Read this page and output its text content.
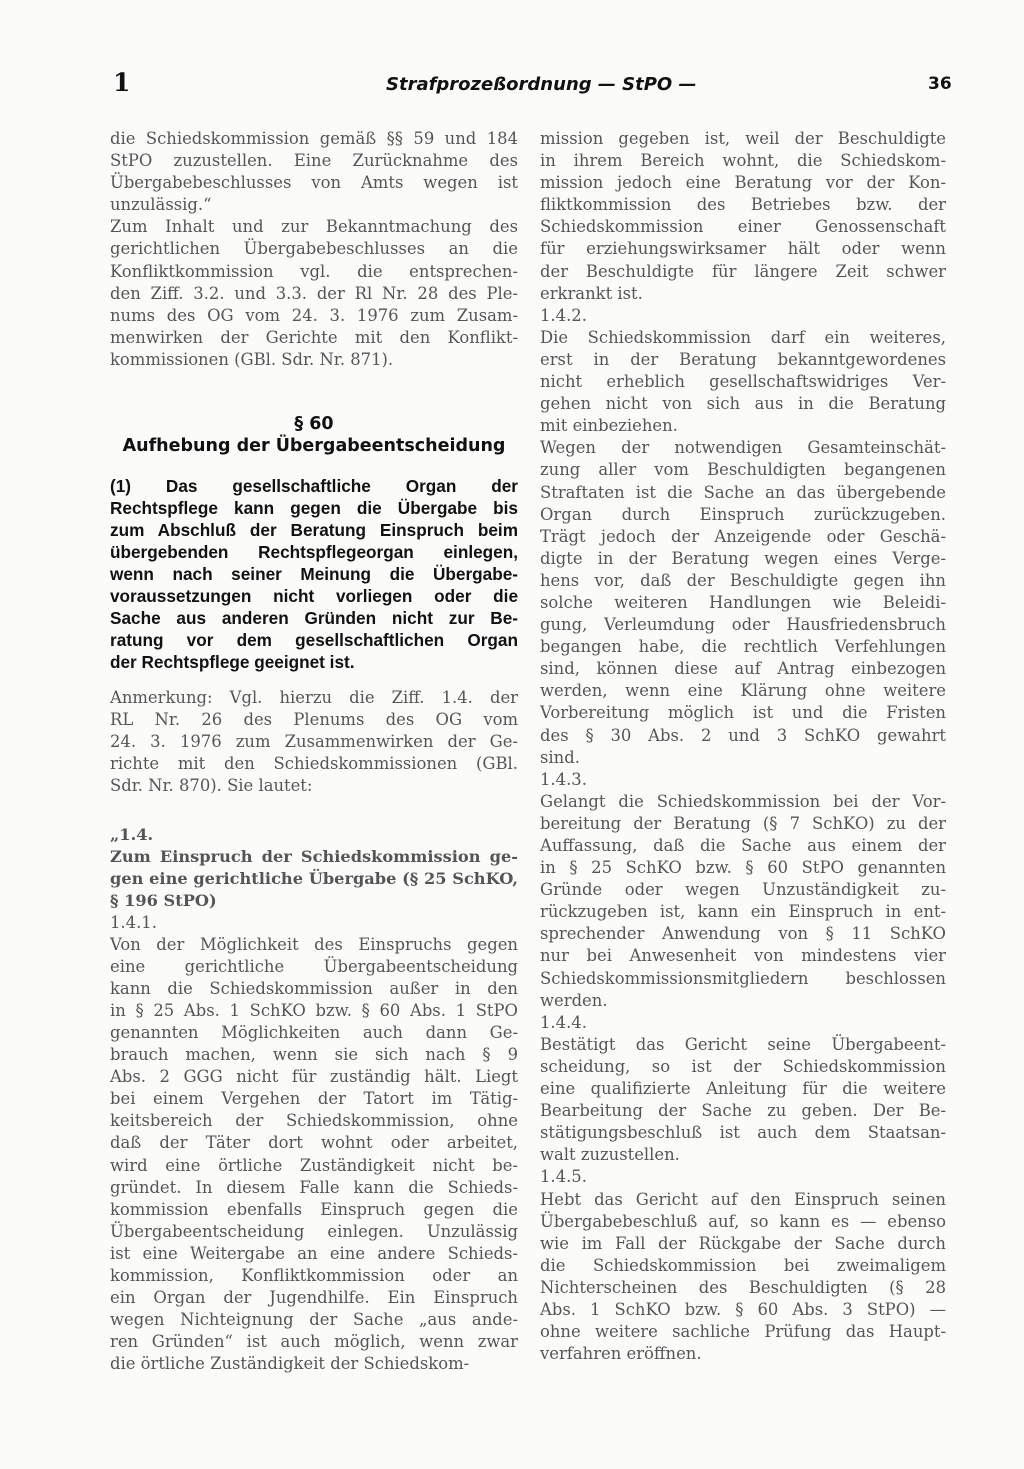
1	Strafprozeßordnung — StPO —	36
die Schiedskommission gemäß §§ 59 und 184
StPO zuzustellen. Eine Zurücknahme des
Übergabebeschlusses von Amts wegen ist
unzulässig.“
Zum Inhalt und zur Bekanntmachung des
gerichtlichen Übergabebeschlusses an die
Konfliktkommission vgl. die entsprechen-
den Ziff. 3.2. und 3.3. der Rl Nr. 28 des Ple-
nums des OG vom 24. 3. 1976 zum Zusam-
menwirken der Gerichte mit den Konflikt-
kommissionen (GBl. Sdr. Nr. 871).

§ 60

Aufhebung der Übergabeentscheidung

(1) Das gesellschaftliche Organ der
Rechtspflege kann gegen die Übergabe bis
zum Abschluß der Beratung Einspruch beim
übergebenden Rechtspflegeorgan einlegen,
wenn nach seiner Meinung die Übergabe-
voraussetzungen nicht vorliegen oder die
Sache aus anderen Gründen nicht zur Be-
ratung vor dem gesellschaftlichen Organ
der Rechtspflege geeignet ist.
Anmerkung: Vgl. hierzu die Ziff. 1.4. der
RL Nr. 26 des Plenums des OG vom
24. 3. 1976 zum Zusammenwirken der Ge-
richte mit den Schiedskommissionen (GBl.
Sdr. Nr. 870). Sie lautet:
„1.4.
Zum Einspruch der Schiedskommission ge-
gen eine gerichtliche Übergabe (§ 25 SchKO,
§ 196 StPO)
1.4.1.
Von der Möglichkeit des Einspruchs gegen
eine gerichtliche Übergabeentscheidung
kann die Schiedskommission außer in den
in § 25 Abs. 1 SchKO bzw. § 60 Abs. 1 StPO
genannten Möglichkeiten auch dann Ge-
brauch machen, wenn sie sich nach § 9
Abs. 2 GGG nicht für zuständig hält. Liegt
bei einem Vergehen der Tatort im Tätig-
keitsbereich der Schiedskommission, ohne
daß der Täter dort wohnt oder arbeitet,
wird eine örtliche Zuständigkeit nicht be-
gründet. In diesem Falle kann die Schieds-
kommission ebenfalls Einspruch gegen die
Übergabeentscheidung einlegen. Unzulässig
ist eine Weitergabe an eine andere Schieds-
kommission, Konfliktkommission oder an
ein Organ der Jugendhilfe. Ein Einspruch
wegen Nichteignung der Sache „aus ande-
ren Gründen“ ist auch möglich, wenn zwar
die örtliche Zuständigkeit der Schiedskom-
mission gegeben ist, weil der Beschuldigte
in ihrem Bereich wohnt, die Schiedskom-
mission jedoch eine Beratung vor der Kon-
fliktkommission des Betriebes bzw. der
Schiedskommission einer Genossenschaft
für erziehungswirksamer hält oder wenn
der Beschuldigte für längere Zeit schwer
erkrankt ist.
1.4.2.
Die Schiedskommission darf ein weiteres,
erst in der Beratung bekanntgewordenes
nicht erheblich gesellschaftswidriges Ver-
gehen nicht von sich aus in die Beratung
mit einbeziehen.
Wegen der notwendigen Gesamteinschät-
zung aller vom Beschuldigten begangenen
Straftaten ist die Sache an das übergebende
Organ durch Einspruch zurückzugeben.
Trägt jedoch der Anzeigende oder Geschä-
digte in der Beratung wegen eines Verge-
hens vor, daß der Beschuldigte gegen ihn
solche weiteren Handlungen wie Beleidi-
gung, Verleumdung oder Hausfriedensbruch
begangen habe, die rechtlich Verfehlungen
sind, können diese auf Antrag einbezogen
werden, wenn eine Klärung ohne weitere
Vorbereitung möglich ist und die Fristen
des § 30 Abs. 2 und 3 SchKO gewahrt
sind.
1.4.3.
Gelangt die Schiedskommission bei der Vor-
bereitung der Beratung (§ 7 SchKO) zu der
Auffassung, daß die Sache aus einem der
in § 25 SchKO bzw. § 60 StPO genannten
Gründe oder wegen Unzuständigkeit zu-
rückzugeben ist, kann ein Einspruch in ent-
sprechender Anwendung von § 11 SchKO
nur bei Anwesenheit von mindestens vier
Schiedskommissionsmitgliedern beschlossen
werden.
1.4.4.
Bestätigt das Gericht seine Übergabeent-
scheidung, so ist der Schiedskommission
eine qualifizierte Anleitung für die weitere
Bearbeitung der Sache zu geben. Der Be-
stätigungsbeschluß ist auch dem Staatsan-
walt zuzustellen.
1.4.5.
Hebt das Gericht auf den Einspruch seinen
Übergabebeschluß auf, so kann es — ebenso
wie im Fall der Rückgabe der Sache durch
die Schiedskommission bei zweimaligem
Nichterscheinen des Beschuldigten (§ 28
Abs. 1 SchKO bzw. § 60 Abs. 3 StPO) —
ohne weitere sachliche Prüfung das Haupt-
verfahren eröffnen.
